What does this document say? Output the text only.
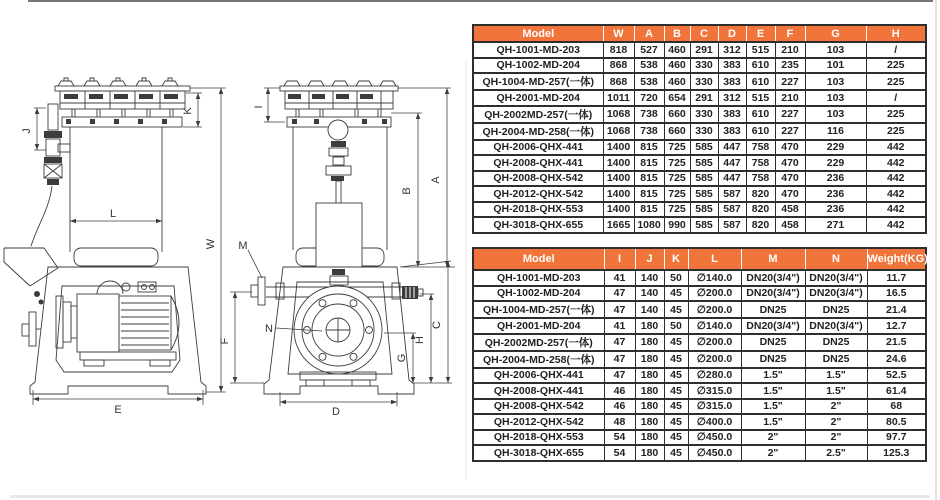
J
K
L
W
E
I
B
A
F
G
H
C
D
M
N
Model	W	A	B	C	D	E	F	G	H
QH-1001-MD-203	818	527	460	291	312	515	210	103	/
QH-1002-MD-204	868	538	460	330	383	610	235	101	225
QH-1004-MD-257(一体)	868	538	460	330	383	610	227	103	225
QH-2001-MD-204	1011	720	654	291	312	515	210	103	/
QH-2002MD-257(一体)	1068	738	660	330	383	610	227	103	225
QH-2004-MD-258(一体)	1068	738	660	330	383	610	227	116	225
QH-2006-QHX-441	1400	815	725	585	447	758	470	229	442
QH-2008-QHX-441	1400	815	725	585	447	758	470	229	442
QH-2008-QHX-542	1400	815	725	585	447	758	470	236	442
QH-2012-QHX-542	1400	815	725	585	587	820	470	236	442
QH-2018-QHX-553	1400	815	725	585	587	820	458	236	442
QH-3018-QHX-655	1665	1080	990	585	587	820	458	271	442
Model	I	J	K	L	M	N	Weight(KG)
QH-1001-MD-203	41	140	50	∅140.0	DN20(3/4")	DN20(3/4")	11.7
QH-1002-MD-204	47	140	45	∅200.0	DN20(3/4")	DN20(3/4")	16.5
QH-1004-MD-257(一体)	47	140	45	∅200.0	DN25	DN25	21.4
QH-2001-MD-204	41	180	50	∅140.0	DN20(3/4")	DN20(3/4")	12.7
QH-2002MD-257(一体)	47	180	45	∅200.0	DN25	DN25	21.5
QH-2004-MD-258(一体)	47	180	45	∅200.0	DN25	DN25	24.6
QH-2006-QHX-441	47	180	45	∅280.0	1.5"	1.5"	52.5
QH-2008-QHX-441	46	180	45	∅315.0	1.5"	1.5"	61.4
QH-2008-QHX-542	46	180	45	∅315.0	1.5"	2"	68
QH-2012-QHX-542	48	180	45	∅400.0	1.5"	2"	80.5
QH-2018-QHX-553	54	180	45	∅450.0	2"	2"	97.7
QH-3018-QHX-655	54	180	45	∅450.0	2"	2.5"	125.3
